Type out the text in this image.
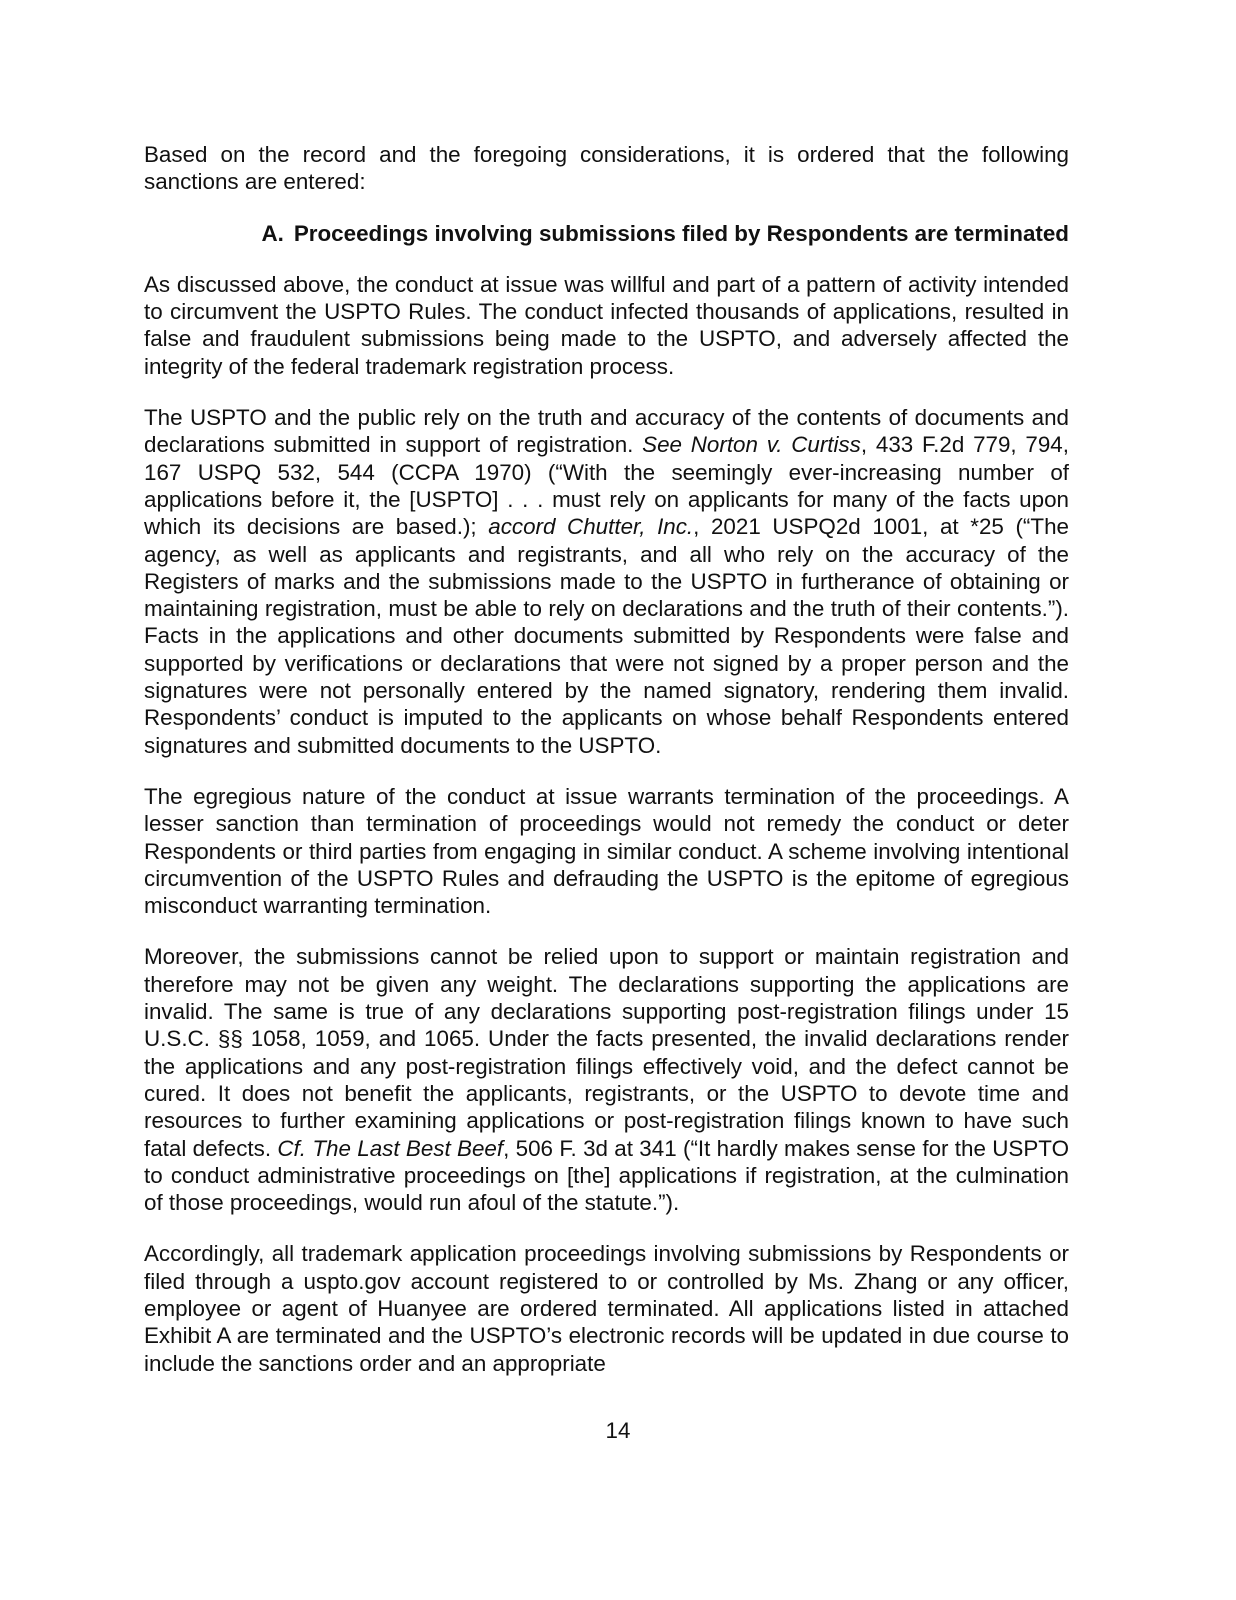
Based on the record and the foregoing considerations, it is ordered that the following sanctions are entered:

A. Proceedings involving submissions filed by Respondents are terminated

As discussed above, the conduct at issue was willful and part of a pattern of activity intended to circumvent the USPTO Rules. The conduct infected thousands of applications, resulted in false and fraudulent submissions being made to the USPTO, and adversely affected the integrity of the federal trademark registration process.

The USPTO and the public rely on the truth and accuracy of the contents of documents and declarations submitted in support of registration. See Norton v. Curtiss, 433 F.2d 779, 794, 167 USPQ 532, 544 (CCPA 1970) (“With the seemingly ever-increasing number of applications before it, the [USPTO] . . . must rely on applicants for many of the facts upon which its decisions are based.); accord Chutter, Inc., 2021 USPQ2d 1001, at *25 (“The agency, as well as applicants and registrants, and all who rely on the accuracy of the Registers of marks and the submissions made to the USPTO in furtherance of obtaining or maintaining registration, must be able to rely on declarations and the truth of their contents.”). Facts in the applications and other documents submitted by Respondents were false and supported by verifications or declarations that were not signed by a proper person and the signatures were not personally entered by the named signatory, rendering them invalid. Respondents’ conduct is imputed to the applicants on whose behalf Respondents entered signatures and submitted documents to the USPTO.

The egregious nature of the conduct at issue warrants termination of the proceedings. A lesser sanction than termination of proceedings would not remedy the conduct or deter Respondents or third parties from engaging in similar conduct. A scheme involving intentional circumvention of the USPTO Rules and defrauding the USPTO is the epitome of egregious misconduct warranting termination.

Moreover, the submissions cannot be relied upon to support or maintain registration and therefore may not be given any weight. The declarations supporting the applications are invalid. The same is true of any declarations supporting post-registration filings under 15 U.S.C. §§ 1058, 1059, and 1065. Under the facts presented, the invalid declarations render the applications and any post-registration filings effectively void, and the defect cannot be cured. It does not benefit the applicants, registrants, or the USPTO to devote time and resources to further examining applications or post-registration filings known to have such fatal defects. Cf. The Last Best Beef, 506 F. 3d at 341 (“It hardly makes sense for the USPTO to conduct administrative proceedings on [the] applications if registration, at the culmination of those proceedings, would run afoul of the statute.”).

Accordingly, all trademark application proceedings involving submissions by Respondents or filed through a uspto.gov account registered to or controlled by Ms. Zhang or any officer, employee or agent of Huanyee are ordered terminated. All applications listed in attached Exhibit A are terminated and the USPTO’s electronic records will be updated in due course to include the sanctions order and an appropriate

14
